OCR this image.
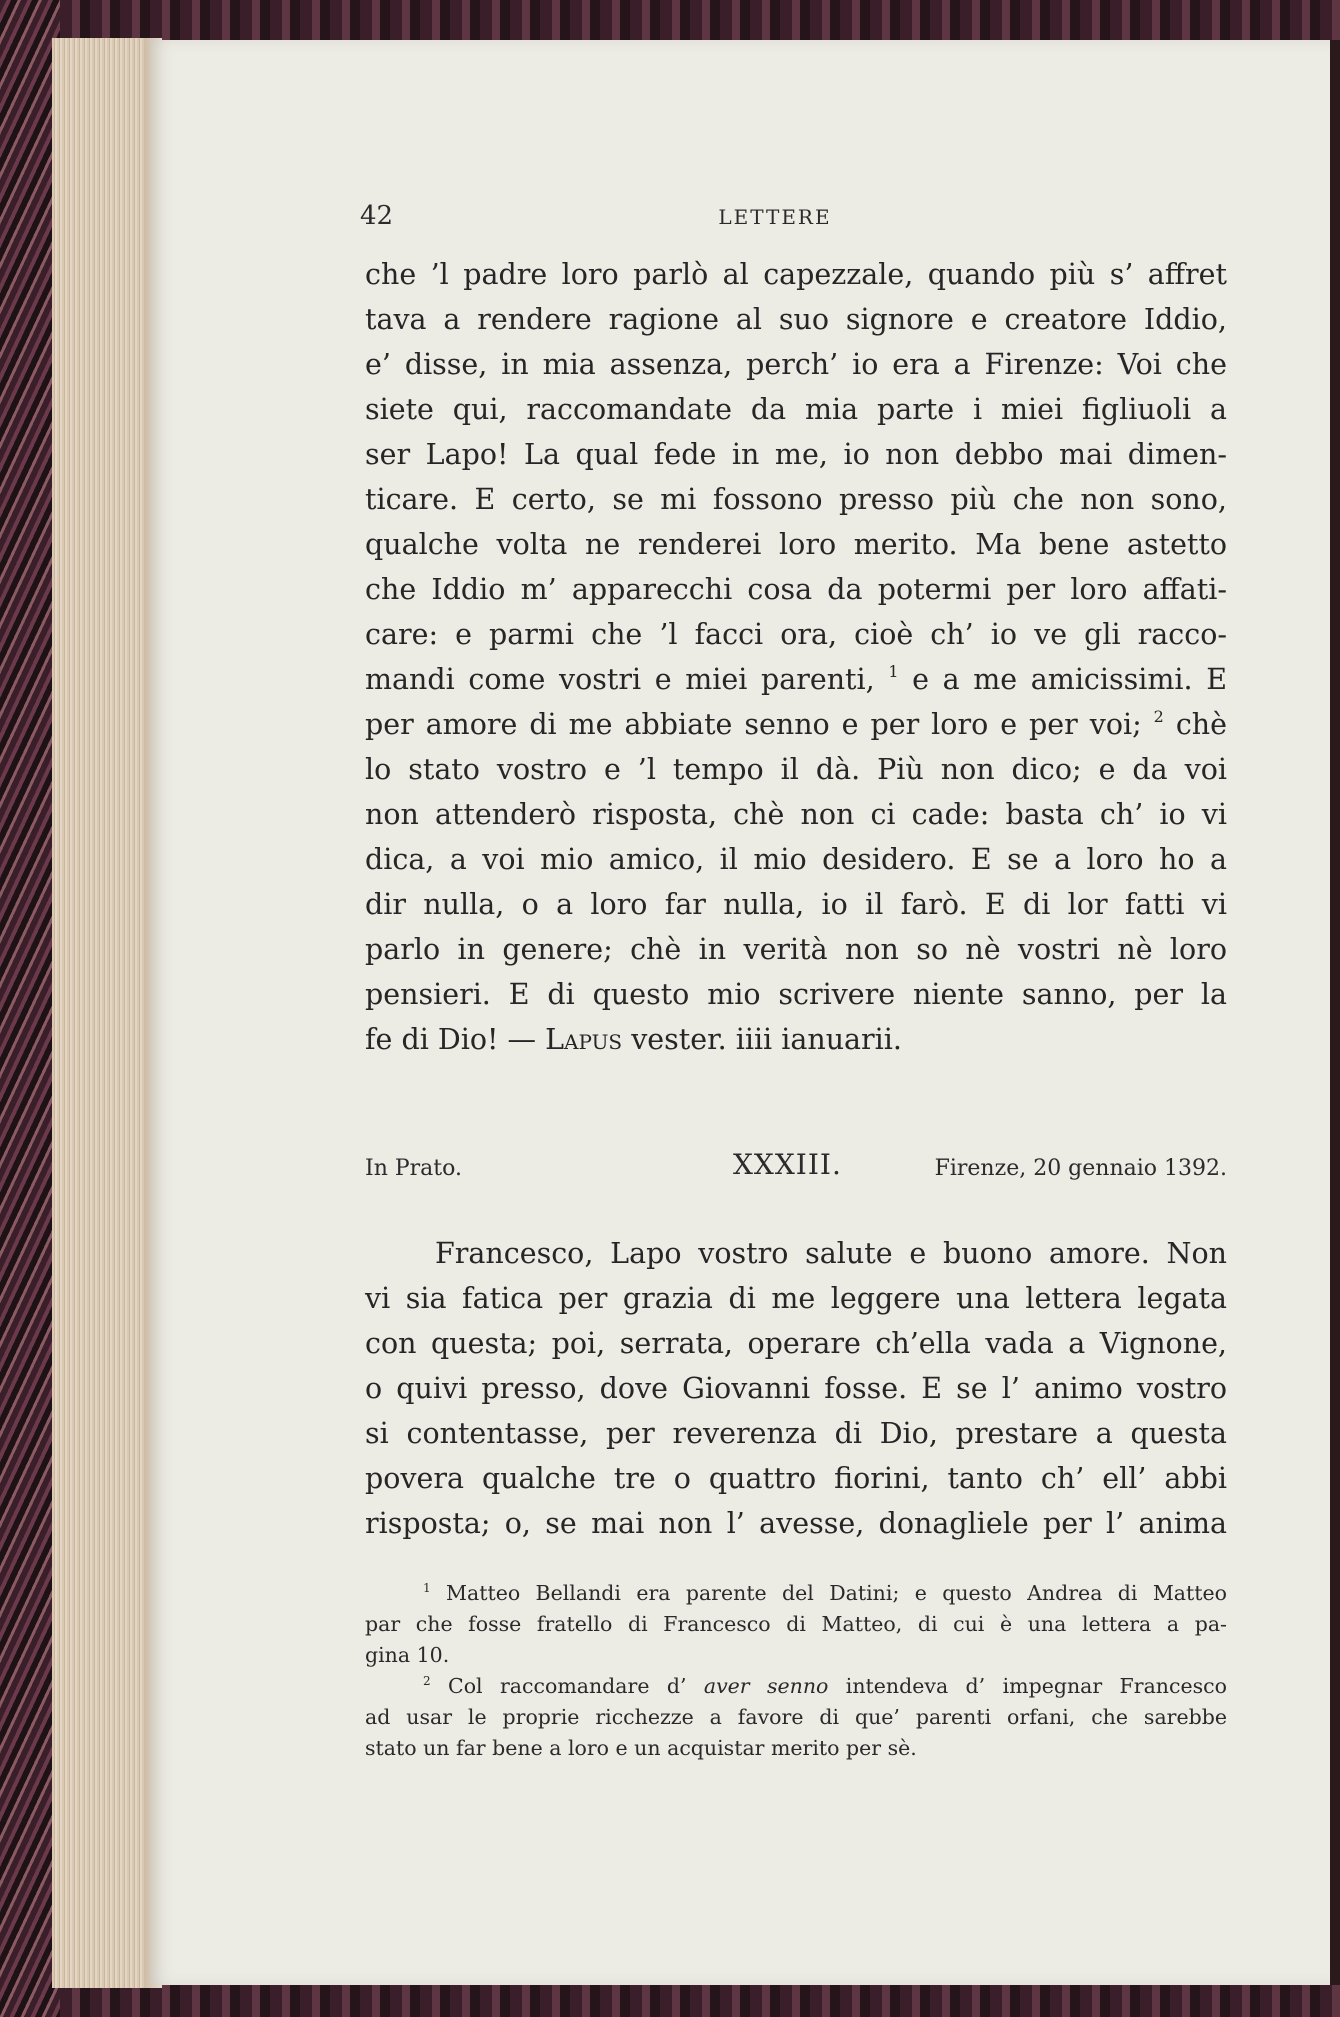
42	LETTERE
che ’l padre loro parlò al capezzale, quando più s’ affret
tava a rendere ragione al suo signore e creatore Iddio,
e’ disse, in mia assenza, perch’ io era a Firenze: Voi che
siete qui, raccomandate da mia parte i miei figliuoli a
ser Lapo! La qual fede in me, io non debbo mai dimen-
ticare. E certo, se mi fossono presso più che non sono,
qualche volta ne renderei loro merito. Ma bene astetto
che Iddio m’ apparecchi cosa da potermi per loro affati-
care: e parmi che ’l facci ora, cioè ch’ io ve gli racco-
mandi come vostri e miei parenti, $^1$ e a me amicissimi. E
per amore di me abbiate senno e per loro e per voi; $^2$ chè
lo stato vostro e ’l tempo il dà. Più non dico; e da voi
non attenderò risposta, chè non ci cade: basta ch’ io vi
dica, a voi mio amico, il mio desidero. E se a loro ho a
dir nulla, o a loro far nulla, io il farò. E di lor fatti vi
parlo in genere; chè in verità non so nè vostri nè loro
pensieri. E di questo mio scrivere niente sanno, per la
fe di Dio! — Lapus vester. iiii ianuarii.
In Prato.	XXXIII.	Firenze, 20 gennaio 1392.
Francesco, Lapo vostro salute e buono amore. Non
vi sia fatica per grazia di me leggere una lettera legata
con questa; poi, serrata, operare ch’ella vada a Vignone,
o quivi presso, dove Giovanni fosse. E se l’ animo vostro
si contentasse, per reverenza di Dio, prestare a questa
povera qualche tre o quattro fiorini, tanto ch’ ell’ abbi
risposta; o, se mai non l’ avesse, donagliele per l’ anima
$^1$ Matteo Bellandi era parente del Datini; e questo Andrea di Matteo
par che fosse fratello di Francesco di Matteo, di cui è una lettera a pa-
gina 10.
$^2$ Col raccomandare d’ aver senno intendeva d’ impegnar Francesco
ad usar le proprie ricchezze a favore di que’ parenti orfani, che sarebbe
stato un far bene a loro e un acquistar merito per sè.
